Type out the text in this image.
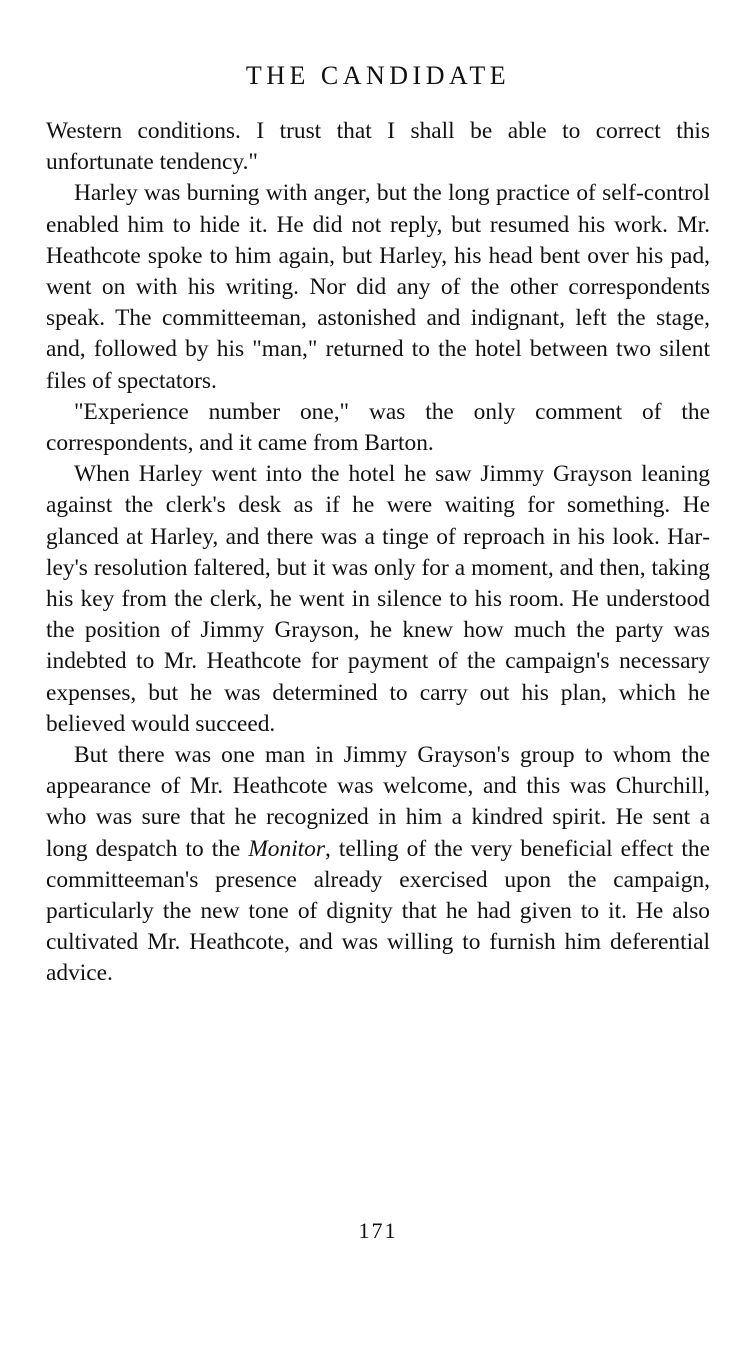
THE CANDIDATE

Western conditions. I trust that I shall be able to correct this unfortunate tendency."

Harley was burning with anger, but the long practice of self-control enabled him to hide it. He did not reply, but resumed his work. Mr. Heathcote spoke to him again, but Harley, his head bent over his pad, went on with his writing. Nor did any of the other correspondents speak. The committeeman, astonished and indignant, left the stage, and, followed by his "man," returned to the hotel between two silent files of spectators.

"Experience number one," was the only comment of the correspondents, and it came from Barton.

When Harley went into the hotel he saw Jimmy Grayson leaning against the clerk's desk as if he were waiting for something. He glanced at Harley, and there was a tinge of reproach in his look. Harley's resolution faltered, but it was only for a moment, and then, taking his key from the clerk, he went in silence to his room. He understood the position of Jimmy Grayson, he knew how much the party was indebted to Mr. Heathcote for payment of the campaign's necessary expenses, but he was determined to carry out his plan, which he believed would succeed.

But there was one man in Jimmy Grayson's group to whom the appearance of Mr. Heathcote was welcome, and this was Churchill, who was sure that he recognized in him a kindred spirit. He sent a long despatch to the Monitor, telling of the very beneficial effect the committeeman's presence already exercised upon the campaign, particularly the new tone of dignity that he had given to it. He also cultivated Mr. Heathcote, and was willing to furnish him deferential advice.

171
